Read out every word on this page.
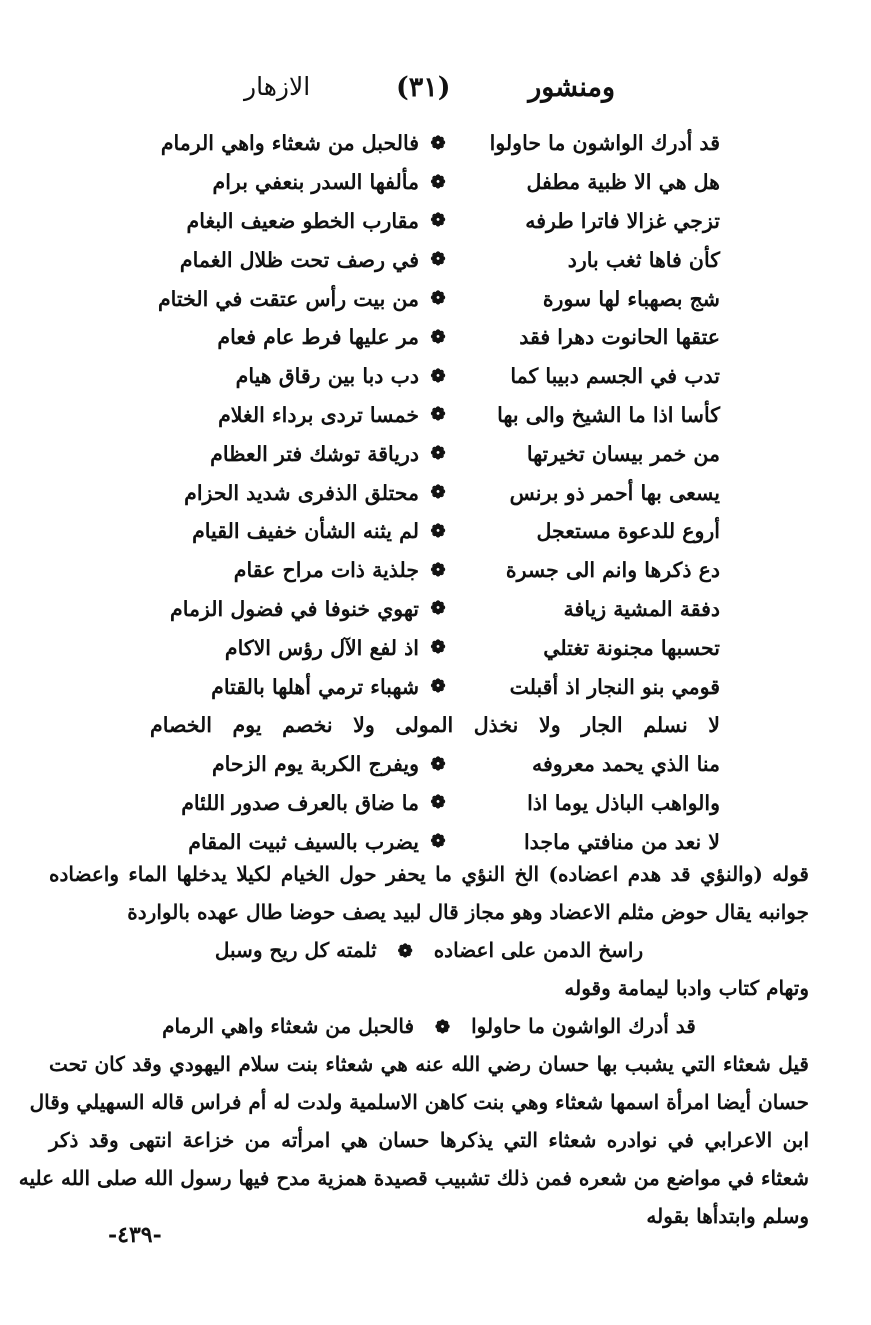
ومنشور
(٣١)
الازهار
قد أدرك الواشون ما حاولوا
❁
فالحبل من شعثاء واهي الرمام
هل هي الا ظبية مطفل
❁
مألفها السدر بنعفي برام
تزجي غزالا فاترا طرفه
❁
مقارب الخطو ضعيف البغام
كأن فاها ثغب بارد
❁
في رصف تحت ظلال الغمام
شج بصهباء لها سورة
❁
من بيت رأس عتقت في الختام
عتقها الحانوت دهرا فقد
❁
مر عليها فرط عام فعام
تدب في الجسم دبيبا كما
❁
دب دبا بين رقاق هيام
كأسا اذا ما الشيخ والى بها
❁
خمسا تردى برداء الغلام
من خمر بيسان تخيرتها
❁
درياقة توشك فتر العظام
يسعى بها أحمر ذو برنس
❁
محتلق الذفرى شديد الحزام
أروع للدعوة مستعجل
❁
لم يثنه الشأن خفيف القيام
دع ذكرها وانم الى جسرة
❁
جلذية ذات مراح عقام
دفقة المشية زيافة
❁
تهوي خنوفا في فضول الزمام
تحسبها مجنونة تغتلي
❁
اذ لفع الآل رؤس الاكام
قومي بنو النجار اذ أقبلت
❁
شهباء ترمي أهلها بالقتام
لا نسلم الجار ولا نخذل المولى ولا نخصم يوم الخصام
منا الذي يحمد معروفه
❁
ويفرج الكربة يوم الزحام
والواهب الباذل يوما اذا
❁
ما ضاق بالعرف صدور اللئام
لا نعد من منافتي ماجدا
❁
يضرب بالسيف ثبيت المقام
قوله (والنؤي قد هدم اعضاده) الخ النؤي ما يحفر حول الخيام لكيلا يدخلها الماء واعضاده
جوانبه يقال حوض مثلم الاعضاد وهو مجاز قال لبيد يصف حوضا طال عهده بالواردة
راسخ الدمن على اعضاده ❁ ثلمته كل ريح وسبل
وتهام كتاب وادبا ليمامة وقوله
قد أدرك الواشون ما حاولوا ❁ فالحبل من شعثاء واهي الرمام
قيل شعثاء التي يشبب بها حسان رضي الله عنه هي شعثاء بنت سلام اليهودي وقد كان تحت
حسان أيضا امرأة اسمها شعثاء وهي بنت كاهن الاسلمية ولدت له أم فراس قاله السهيلي وقال
ابن الاعرابي في نوادره شعثاء التي يذكرها حسان هي امرأته من خزاعة انتهى وقد ذكر
شعثاء في مواضع من شعره فمن ذلك تشبيب قصيدة همزية مدح فيها رسول الله صلى الله عليه
وسلم وابتدأها بقوله
-٤٣٩-
